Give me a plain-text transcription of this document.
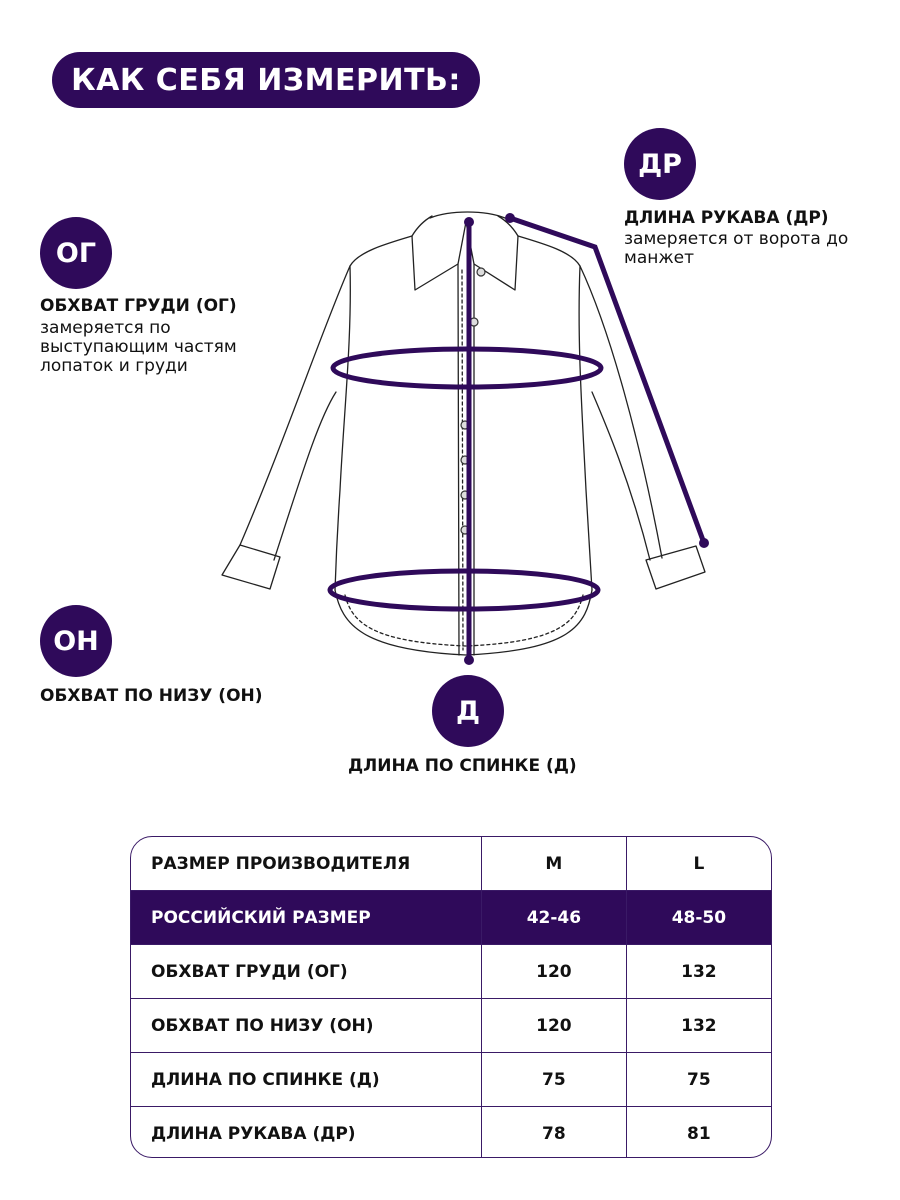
КАК СЕБЯ ИЗМЕРИТЬ:
ОГ
ОБХВАТ ГРУДИ (ОГ)
замеряется по выступающим частям лопаток и груди
ДР
ДЛИНА РУКАВА (ДР)
замеряется от ворота до манжет
ОН
ОБХВАТ ПО НИЗУ (ОН)	Д
ДЛИНА ПО СПИНКЕ (Д)
РАЗМЕР ПРОИЗВОДИТЕЛЯ	M	L
РОССИЙСКИЙ РАЗМЕР	42-46	48-50
ОБХВАТ ГРУДИ (ОГ)	120	132
ОБХВАТ ПО НИЗУ (ОН)	120	132
ДЛИНА ПО СПИНКЕ (Д)	75	75
ДЛИНА РУКАВА (ДР)	78	81
